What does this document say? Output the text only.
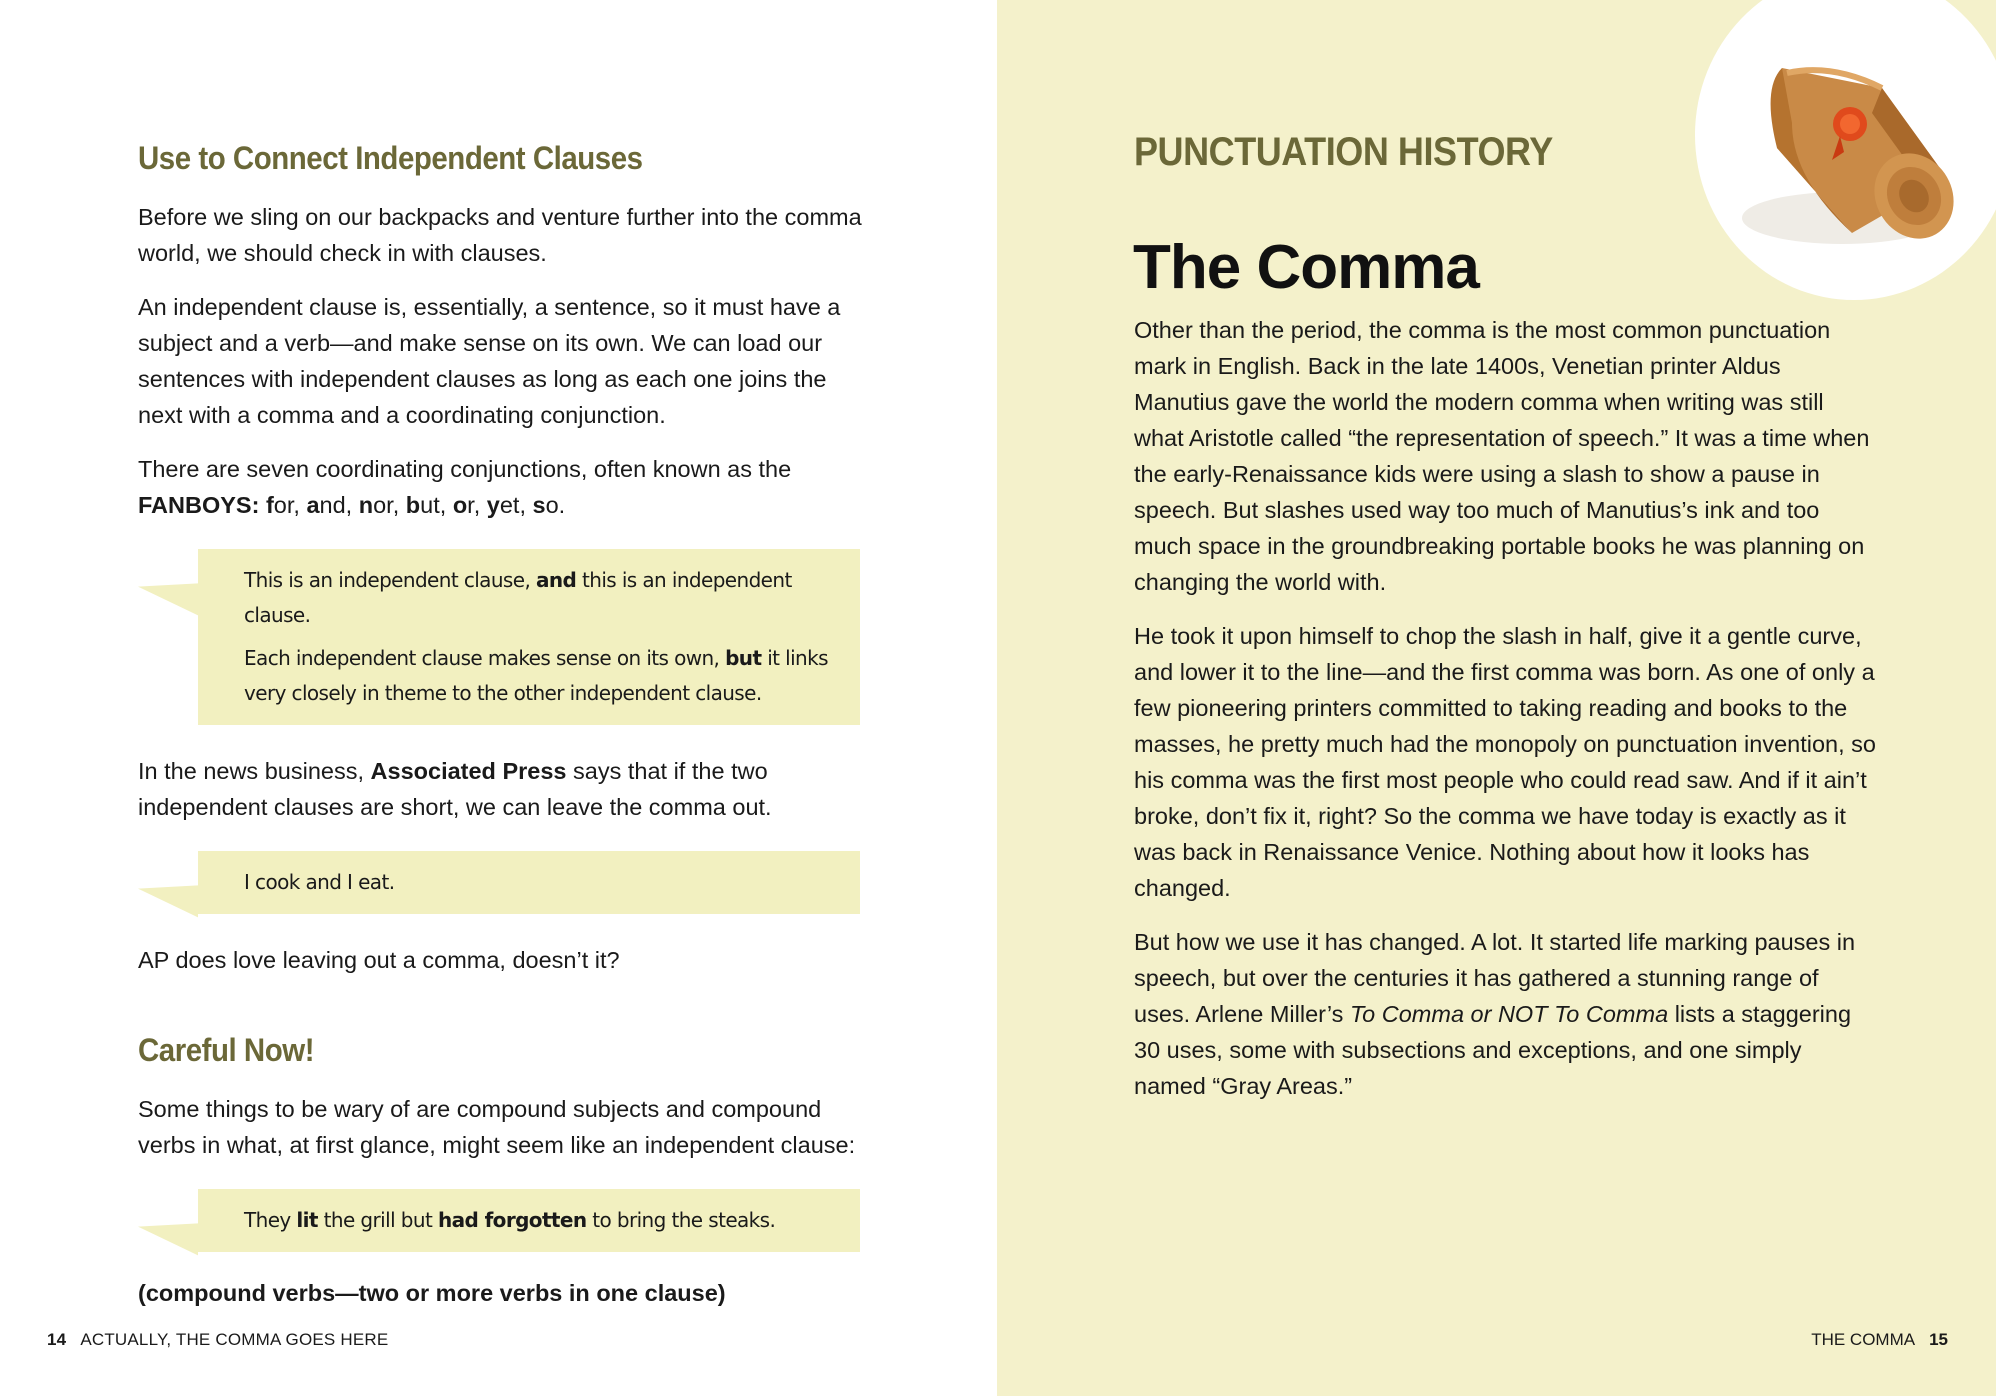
Use to Connect Independent Clauses

Before we sling on our backpacks and venture further into the comma world, we should check in with clauses.

An independent clause is, essentially, a sentence, so it must have a subject and a verb—and make sense on its own. We can load our sentences with independent clauses as long as each one joins the next with a comma and a coordinating conjunction.

There are seven coordinating conjunctions, often known as the
FANBOYS: for, and, nor, but, or, yet, so.

This is an independent clause, and this is an independent clause.

Each independent clause makes sense on its own, but it links very closely in theme to the other independent clause.

In the news business, Associated Press says that if the two independent clauses are short, we can leave the comma out.

I cook and I eat.

AP does love leaving out a comma, doesn’t it?

Careful Now!

Some things to be wary of are compound subjects and compound verbs in what, at first glance, might seem like an independent clause:

They lit the grill but had forgotten to bring the steaks.

(compound verbs—two or more verbs in one clause)
14 ACTUALLY, THE COMMA GOES HERE
PUNCTUATION HISTORY
The Comma

Other than the period, the comma is the most common punctuation mark in English. Back in the late 1400s, Venetian printer Aldus Manutius gave the world the modern comma when writing was still what Aristotle called “the representation of speech.” It was a time when the early-Renaissance kids were using a slash to show a pause in speech. But slashes used way too much of Manutius’s ink and too much space in the groundbreaking portable books he was planning on changing the world with.

He took it upon himself to chop the slash in half, give it a gentle curve, and lower it to the line—and the first comma was born. As one of only a few pioneering printers committed to taking reading and books to the masses, he pretty much had the monopoly on punctuation invention, so his comma was the first most people who could read saw. And if it ain’t broke, don’t fix it, right? So the comma we have today is exactly as it was back in Renaissance Venice. Nothing about how it looks has changed.

But how we use it has changed. A lot. It started life marking pauses in speech, but over the centuries it has gathered a stunning range of uses. Arlene Miller’s To Comma or NOT To Comma lists a staggering 30 uses, some with subsections and exceptions, and one simply named “Gray Areas.”

THE COMMA 15
